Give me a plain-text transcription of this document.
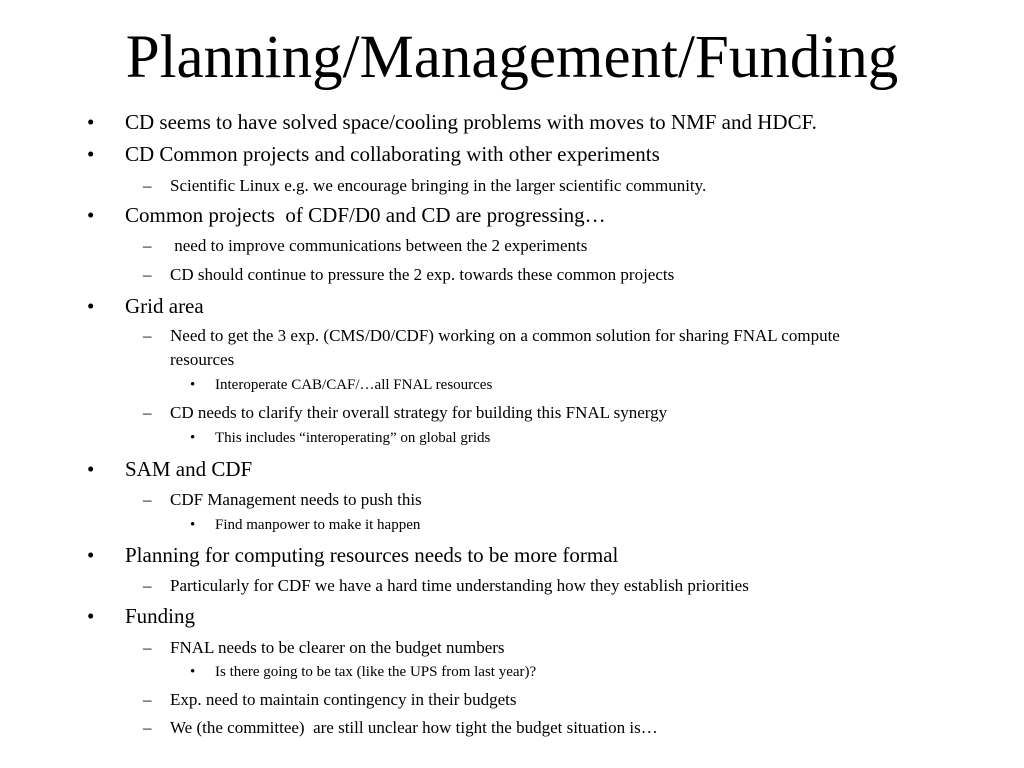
Planning/Management/Funding
•	CD seems to have solved space/cooling problems with moves to NMF and HDCF.
•	CD Common projects and collaborating with other experiments
–	Scientific Linux e.g. we encourage bringing in the larger scientific community.
•	Common projects  of CDF/D0 and CD are progressing…
–	need to improve communications between the 2 experiments
–	CD should continue to pressure the 2 exp. towards these common projects
•	Grid area
–	Need to get the 3 exp. (CMS/D0/CDF) working on a common solution for sharing FNAL compute resources
•	Interoperate CAB/CAF/…all FNAL resources
–	CD needs to clarify their overall strategy for building this FNAL synergy
•	This includes “interoperating” on global grids
•	SAM and CDF
–	CDF Management needs to push this
•	Find manpower to make it happen
•	Planning for computing resources needs to be more formal
–	Particularly for CDF we have a hard time understanding how they establish priorities
•	Funding
–	FNAL needs to be clearer on the budget numbers
•	Is there going to be tax (like the UPS from last year)?
–	Exp. need to maintain contingency in their budgets
–	We (the committee)  are still unclear how tight the budget situation is…
